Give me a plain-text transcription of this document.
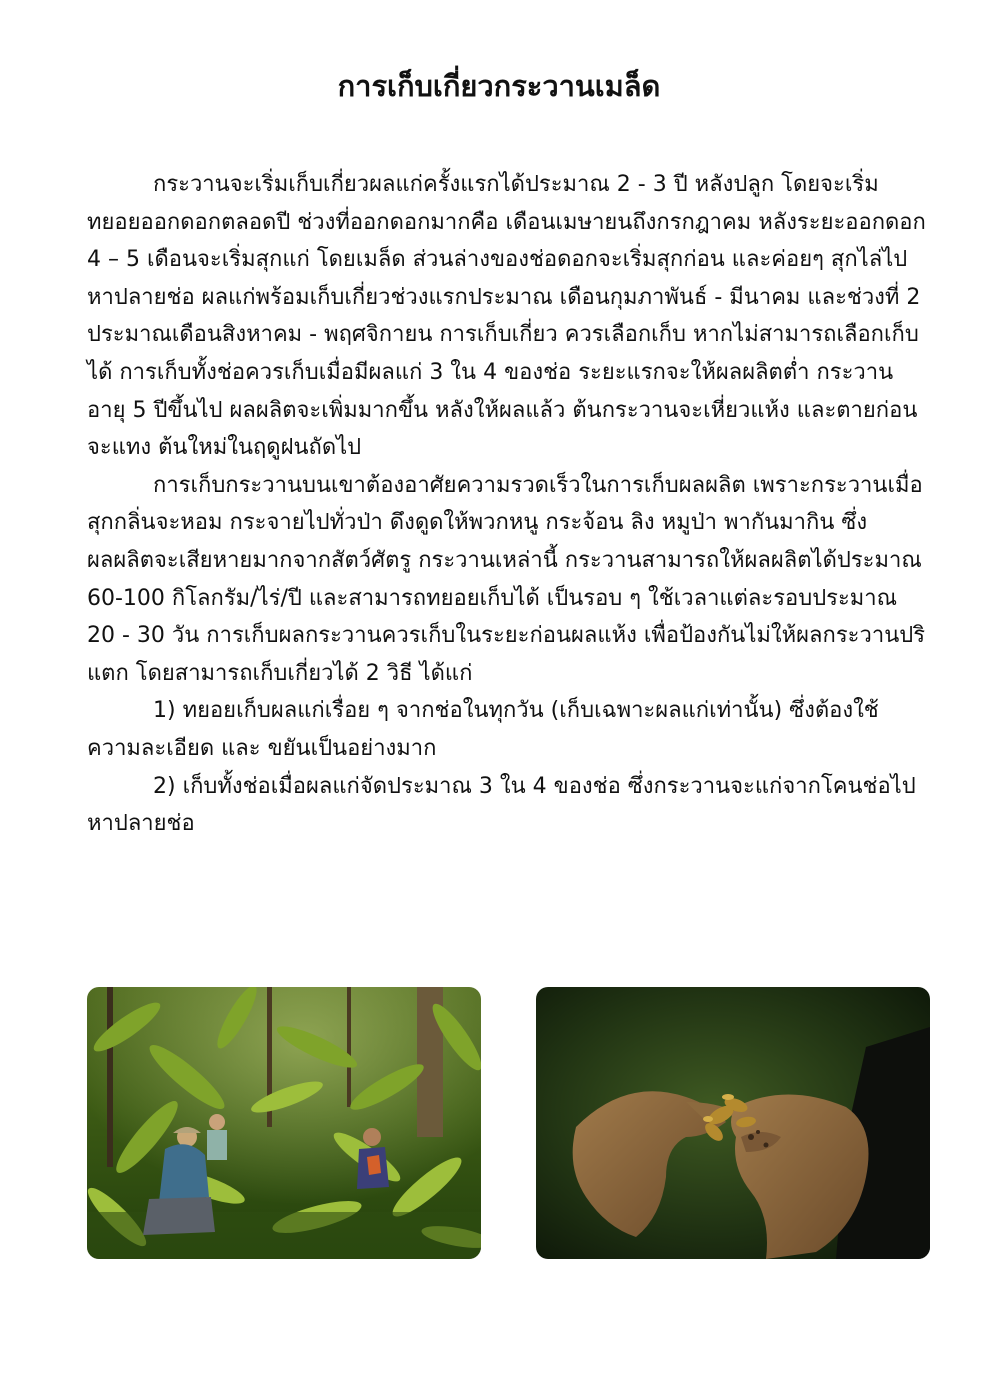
การเก็บเกี่ยวกระวานเมล็ด

กระวานจะเริ่มเก็บเกี่ยวผลแก่ครั้งแรกได้ประมาณ 2 - 3 ปี หลังปลูก โดยจะเริ่มทยอยออกดอกตลอดปี ช่วงที่ออกดอกมากคือ เดือนเมษายนถึงกรกฎาคม หลังระยะออกดอก 4 – 5 เดือนจะเริ่มสุกแก่ โดยเมล็ด ส่วนล่างของช่อดอกจะเริ่มสุกก่อน และค่อยๆ สุกไล่ไปหาปลายช่อ ผลแก่พร้อมเก็บเกี่ยวช่วงแรกประมาณ เดือนกุมภาพันธ์ - มีนาคม และช่วงที่ 2 ประมาณเดือนสิงหาคม - พฤศจิกายน การเก็บเกี่ยว ควรเลือกเก็บ หากไม่สามารถเลือกเก็บได้ การเก็บทั้งช่อควรเก็บเมื่อมีผลแก่ 3 ใน 4 ของช่อ ระยะแรกจะให้ผลผลิตต่ำ กระวานอายุ 5 ปีขึ้นไป ผลผลิตจะเพิ่มมากขึ้น หลังให้ผลแล้ว ต้นกระวานจะเหี่ยวแห้ง และตายก่อนจะแทง ต้นใหม่ในฤดูฝนถัดไป

การเก็บกระวานบนเขาต้องอาศัยความรวดเร็วในการเก็บผลผลิต เพราะกระวานเมื่อสุกกลิ่นจะหอม กระจายไปทั่วป่า ดึงดูดให้พวกหนู กระจ้อน ลิง หมูป่า พากันมากิน ซึ่งผลผลิตจะเสียหายมากจากสัตว์ศัตรู กระวานเหล่านี้ กระวานสามารถให้ผลผลิตได้ประมาณ 60-100 กิโลกรัม/ไร่/ปี และสามารถทยอยเก็บได้ เป็นรอบ ๆ ใช้เวลาแต่ละรอบประมาณ 20 - 30 วัน การเก็บผลกระวานควรเก็บในระยะก่อนผลแห้ง เพื่อป้องกันไม่ให้ผลกระวานปริแตก โดยสามารถเก็บเกี่ยวได้ 2 วิธี ได้แก่

1) ทยอยเก็บผลแก่เรื่อย ๆ จากช่อในทุกวัน (เก็บเฉพาะผลแก่เท่านั้น) ซึ่งต้องใช้ความละเอียด และ ขยันเป็นอย่างมาก

2) เก็บทั้งช่อเมื่อผลแก่จัดประมาณ 3 ใน 4 ของช่อ ซึ่งกระวานจะแก่จากโคนช่อไปหาปลายช่อ
